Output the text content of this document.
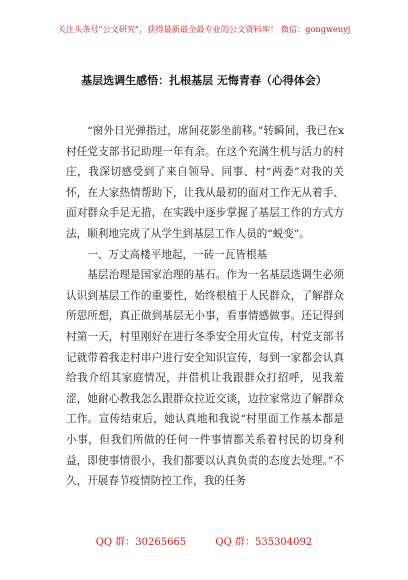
关注头条号"公文研究"，获得最新最全最专业的公文资料库！ 微信：gongwenyj
基层选调生感悟：扎根基层 无悔青春（心得体会）

“窗外日光弹指过，席间花影坐前移。”转瞬间，我已在x村任党支部书记助理一年有余。在这个充满生机与活力的村庄，我深切感受到了来自领导、同事、村“两委”对我的关怀，在大家热情帮助下，让我从最初的面对工作无从着手、面对群众手足无措，在实践中逐步掌握了基层工作的方式方法，顺利地完成了从学生到基层工作人员的“蜕变”。

一、万丈高楼平地起，一砖一瓦皆根基

基层治理是国家治理的基石。作为一名基层选调生必须认识到基层工作的重要性，始终根植于人民群众，了解群众所思所想，真正做到基层无小事，看事情感做事。还记得到村第一天，村里刚好在进行冬季安全用火宣传，村党支部书记就带着我走村串户进行安全知识宣传，每到一家都会认真给我介绍其家庭情况，并借机让我跟群众打招呼，见我羞涩，她耐心教我怎么跟群众拉近交谈，边拉家常边了解群众工作。宣传结束后，她认真地和我说“村里面工作基本都是小事，但我们所做的任何一件事情都关系着村民的切身利益，即使事情很小，我们都要以认真负责的态度去处理。”不久，开展春节疫情防控工作，我的任务

QQ 群：30265665	QQ 群：535304092
